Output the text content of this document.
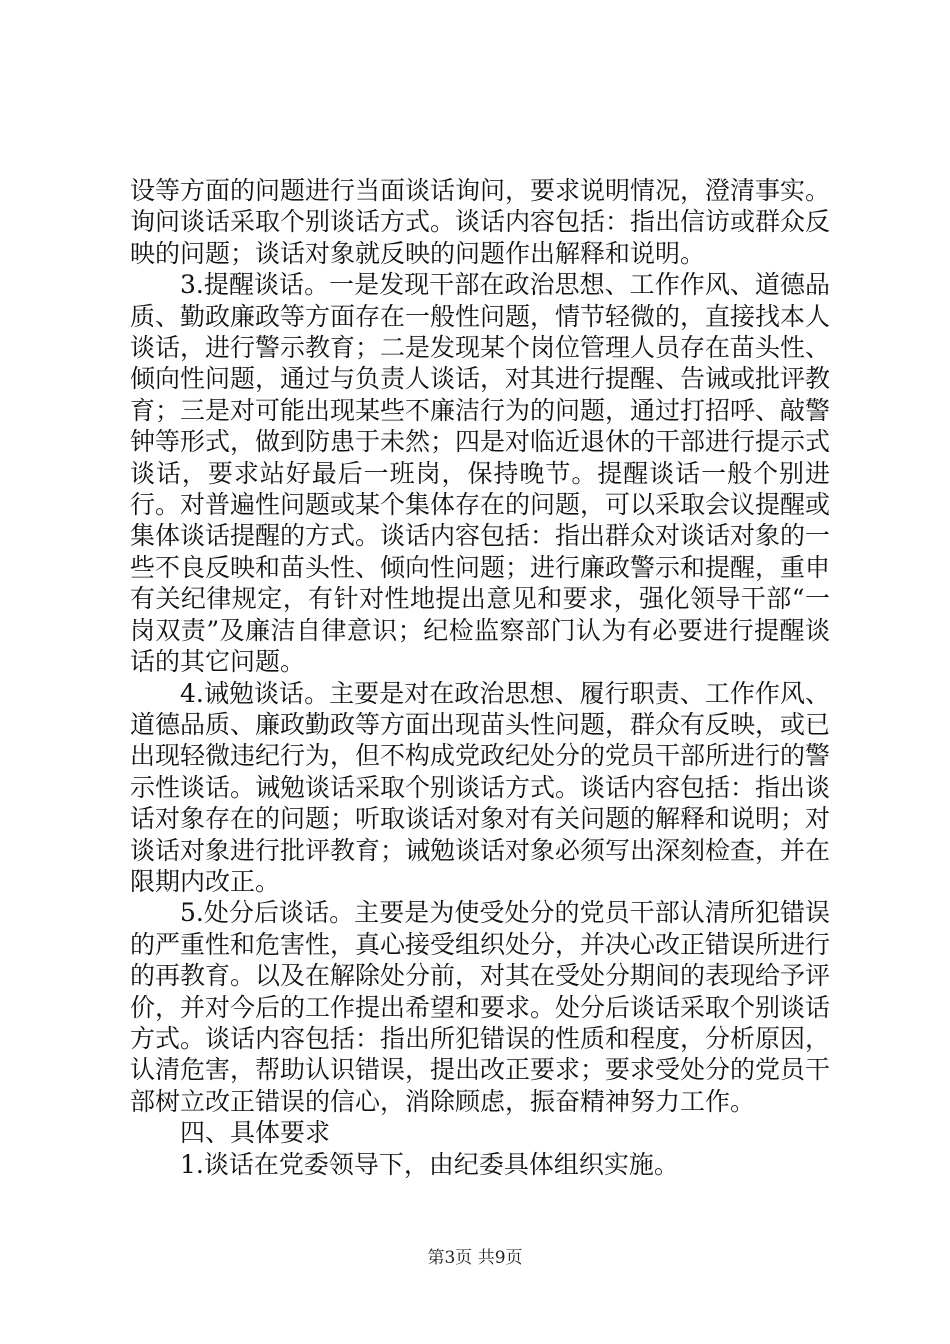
设等方面的问题进行当面谈话询问，要求说明情况，澄清事实。询问谈话采取个别谈话方式。谈话内容包括：指出信访或群众反映的问题；谈话对象就反映的问题作出解释和说明。

3.提醒谈话。一是发现干部在政治思想、工作作风、道德品质、勤政廉政等方面存在一般性问题，情节轻微的，直接找本人谈话，进行警示教育；二是发现某个岗位管理人员存在苗头性、倾向性问题，通过与负责人谈话，对其进行提醒、告诫或批评教育；三是对可能出现某些不廉洁行为的问题，通过打招呼、敲警钟等形式，做到防患于未然；四是对临近退休的干部进行提示式谈话，要求站好最后一班岗，保持晚节。提醒谈话一般个别进行。对普遍性问题或某个集体存在的问题，可以采取会议提醒或集体谈话提醒的方式。谈话内容包括：指出群众对谈话对象的一些不良反映和苗头性、倾向性问题；进行廉政警示和提醒，重申有关纪律规定，有针对性地提出意见和要求，强化领导干部“一岗双责”及廉洁自律意识；纪检监察部门认为有必要进行提醒谈话的其它问题。

4.诫勉谈话。主要是对在政治思想、履行职责、工作作风、道德品质、廉政勤政等方面出现苗头性问题，群众有反映，或已出现轻微违纪行为，但不构成党政纪处分的党员干部所进行的警示性谈话。诫勉谈话采取个别谈话方式。谈话内容包括：指出谈话对象存在的问题；听取谈话对象对有关问题的解释和说明；对谈话对象进行批评教育；诫勉谈话对象必须写出深刻检查，并在限期内改正。

5.处分后谈话。主要是为使受处分的党员干部认清所犯错误的严重性和危害性，真心接受组织处分，并决心改正错误所进行的再教育。以及在解除处分前，对其在受处分期间的表现给予评价，并对今后的工作提出希望和要求。处分后谈话采取个别谈话方式。谈话内容包括：指出所犯错误的性质和程度，分析原因，认清危害，帮助认识错误，提出改正要求；要求受处分的党员干部树立改正错误的信心，消除顾虑，振奋精神努力工作。

四、具体要求

1.谈话在党委领导下，由纪委具体组织实施。

第3页 共9页
